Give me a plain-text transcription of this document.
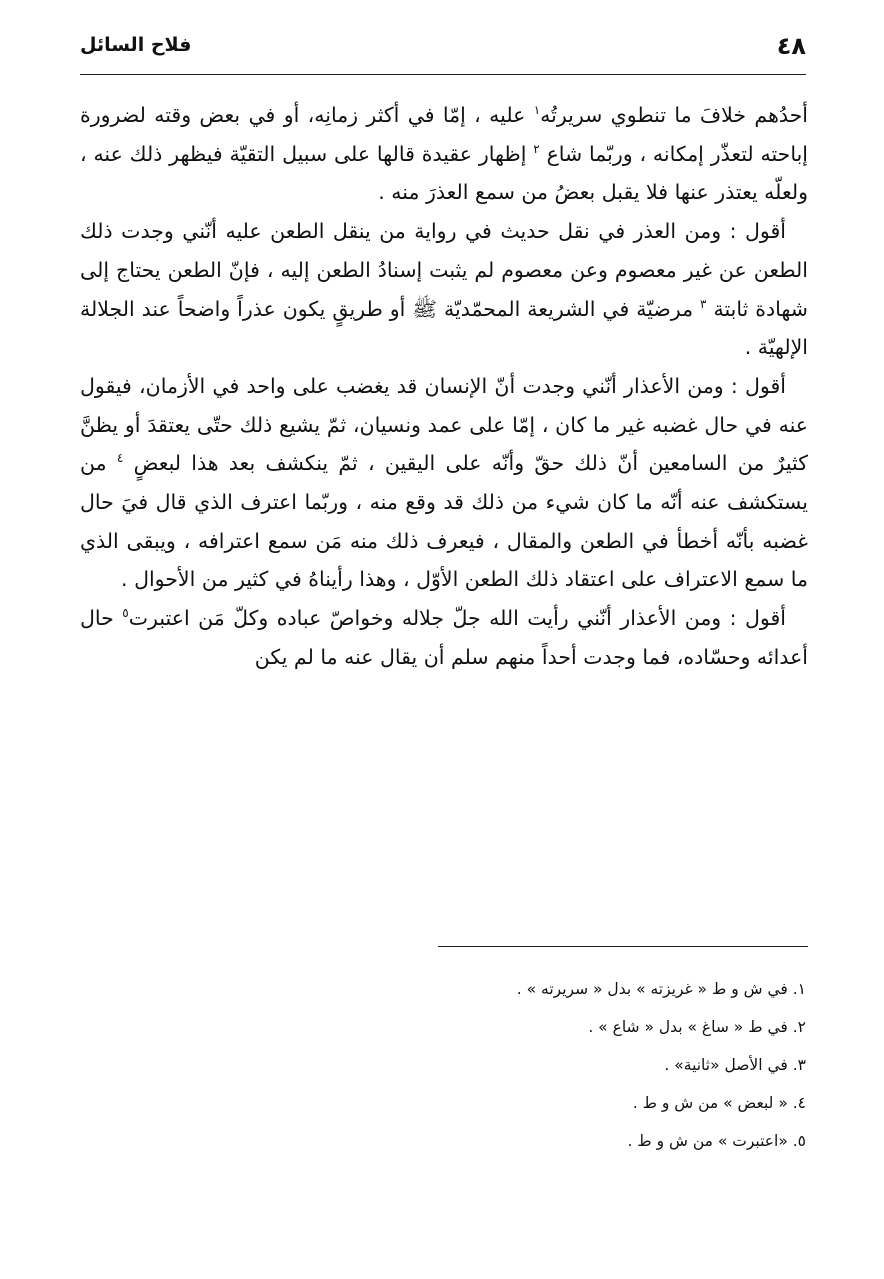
٤٨
فلاح السائل

أحدُهم خلافَ ما تنطوي سريرتُه$^١$ عليه ، إمّا في أكثر زمانِه، أو في بعض وقته لضرورة إباحته لتعذّر إمكانه ، وربّما شاع $^٢$ إظهار عقيدة قالها على سبيل التقيّة فيظهر ذلك عنه ، ولعلّه يعتذر عنها فلا يقبل بعضُ من سمع العذرَ منه .

أقول : ومن العذر في نقل حديث في رواية من ينقل الطعن عليه أنّني وجدت ذلك الطعن عن غير معصوم وعن معصوم لم يثبت إسنادُ الطعن إليه ، فإنّ الطعن يحتاج إلى شهادة ثابتة $^٣$ مرضيّة في الشريعة المحمّديّة ﷺ أو طريقٍ يكون عذراً واضحاً عند الجلالة الإلهيّة .

أقول : ومن الأعذار أنّني وجدت أنّ الإنسان قد يغضب على واحد في الأزمان، فيقول عنه في حال غضبه غير ما كان ، إمّا على عمد ونسيان، ثمّ يشيع ذلك حتّى يعتقدَ أو يظنَّ كثيرٌ من السامعين أنّ ذلك حقّ وأنّه على اليقين ، ثمّ ينكشف بعد هذا لبعضٍ $^٤$ من يستكشف عنه أنّه ما كان شيء من ذلك قد وقع منه ، وربّما اعترف الذي قال فيَ حال غضبه بأنّه أخطأ في الطعن والمقال ، فيعرف ذلك منه مَن سمع اعترافه ، ويبقى الذي ما سمع الاعتراف على اعتقاد ذلك الطعن الأوّل ، وهذا رأيناهُ في كثير من الأحوال .

أقول : ومن الأعذار أنّني رأيت الله جلّ جلاله وخواصّ عباده وكلّ مَن اعتبرت$^٥$ حال أعدائه وحسّاده، فما وجدت أحداً منهم سلم أن يقال عنه ما لم يكن

١. في ش و ط « غريزته » بدل « سريرته » .

٢. في ط « ساغ » بدل « شاع » .

٣. في الأصل «ثانية» .

٤. « لبعض » من ش و ط .

٥. «اعتبرت » من ش و ط .
